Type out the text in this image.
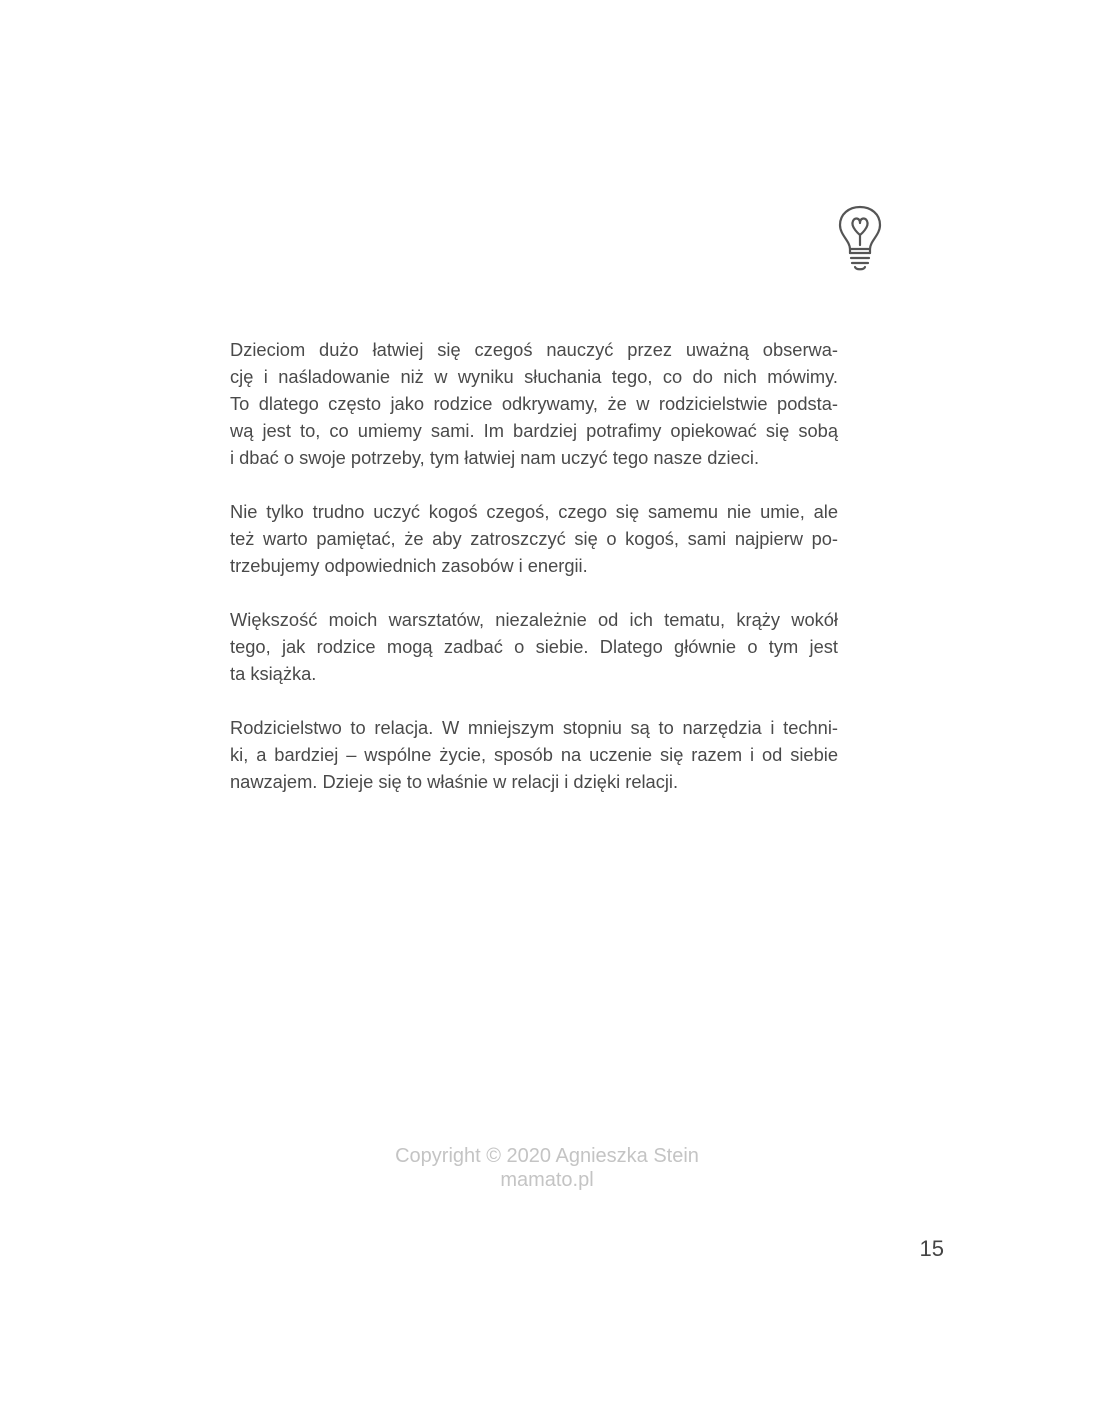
Dzieciom dużo łatwiej się czegoś nauczyć przez uważną obserwa-
cję i naśladowanie niż w wyniku słuchania tego, co do nich mówimy.
To dlatego często jako rodzice odkrywamy, że w rodzicielstwie podsta-
wą jest to, co umiemy sami. Im bardziej potrafimy opiekować się sobą
i dbać o swoje potrzeby, tym łatwiej nam uczyć tego nasze dzieci.

Nie tylko trudno uczyć kogoś czegoś, czego się samemu nie umie, ale
też warto pamiętać, że aby zatroszczyć się o kogoś, sami najpierw po-
trzebujemy odpowiednich zasobów i energii.

Większość moich warsztatów, niezależnie od ich tematu, krąży wokół
tego, jak rodzice mogą zadbać o siebie. Dlatego głównie o tym jest
ta książka.

Rodzicielstwo to relacja. W mniejszym stopniu są to narzędzia i techni-
ki, a bardziej – wspólne życie, sposób na uczenie się razem i od siebie
nawzajem. Dzieje się to właśnie w relacji i dzięki relacji.

Copyright © 2020 Agnieszka Stein
mamato.pl
15
